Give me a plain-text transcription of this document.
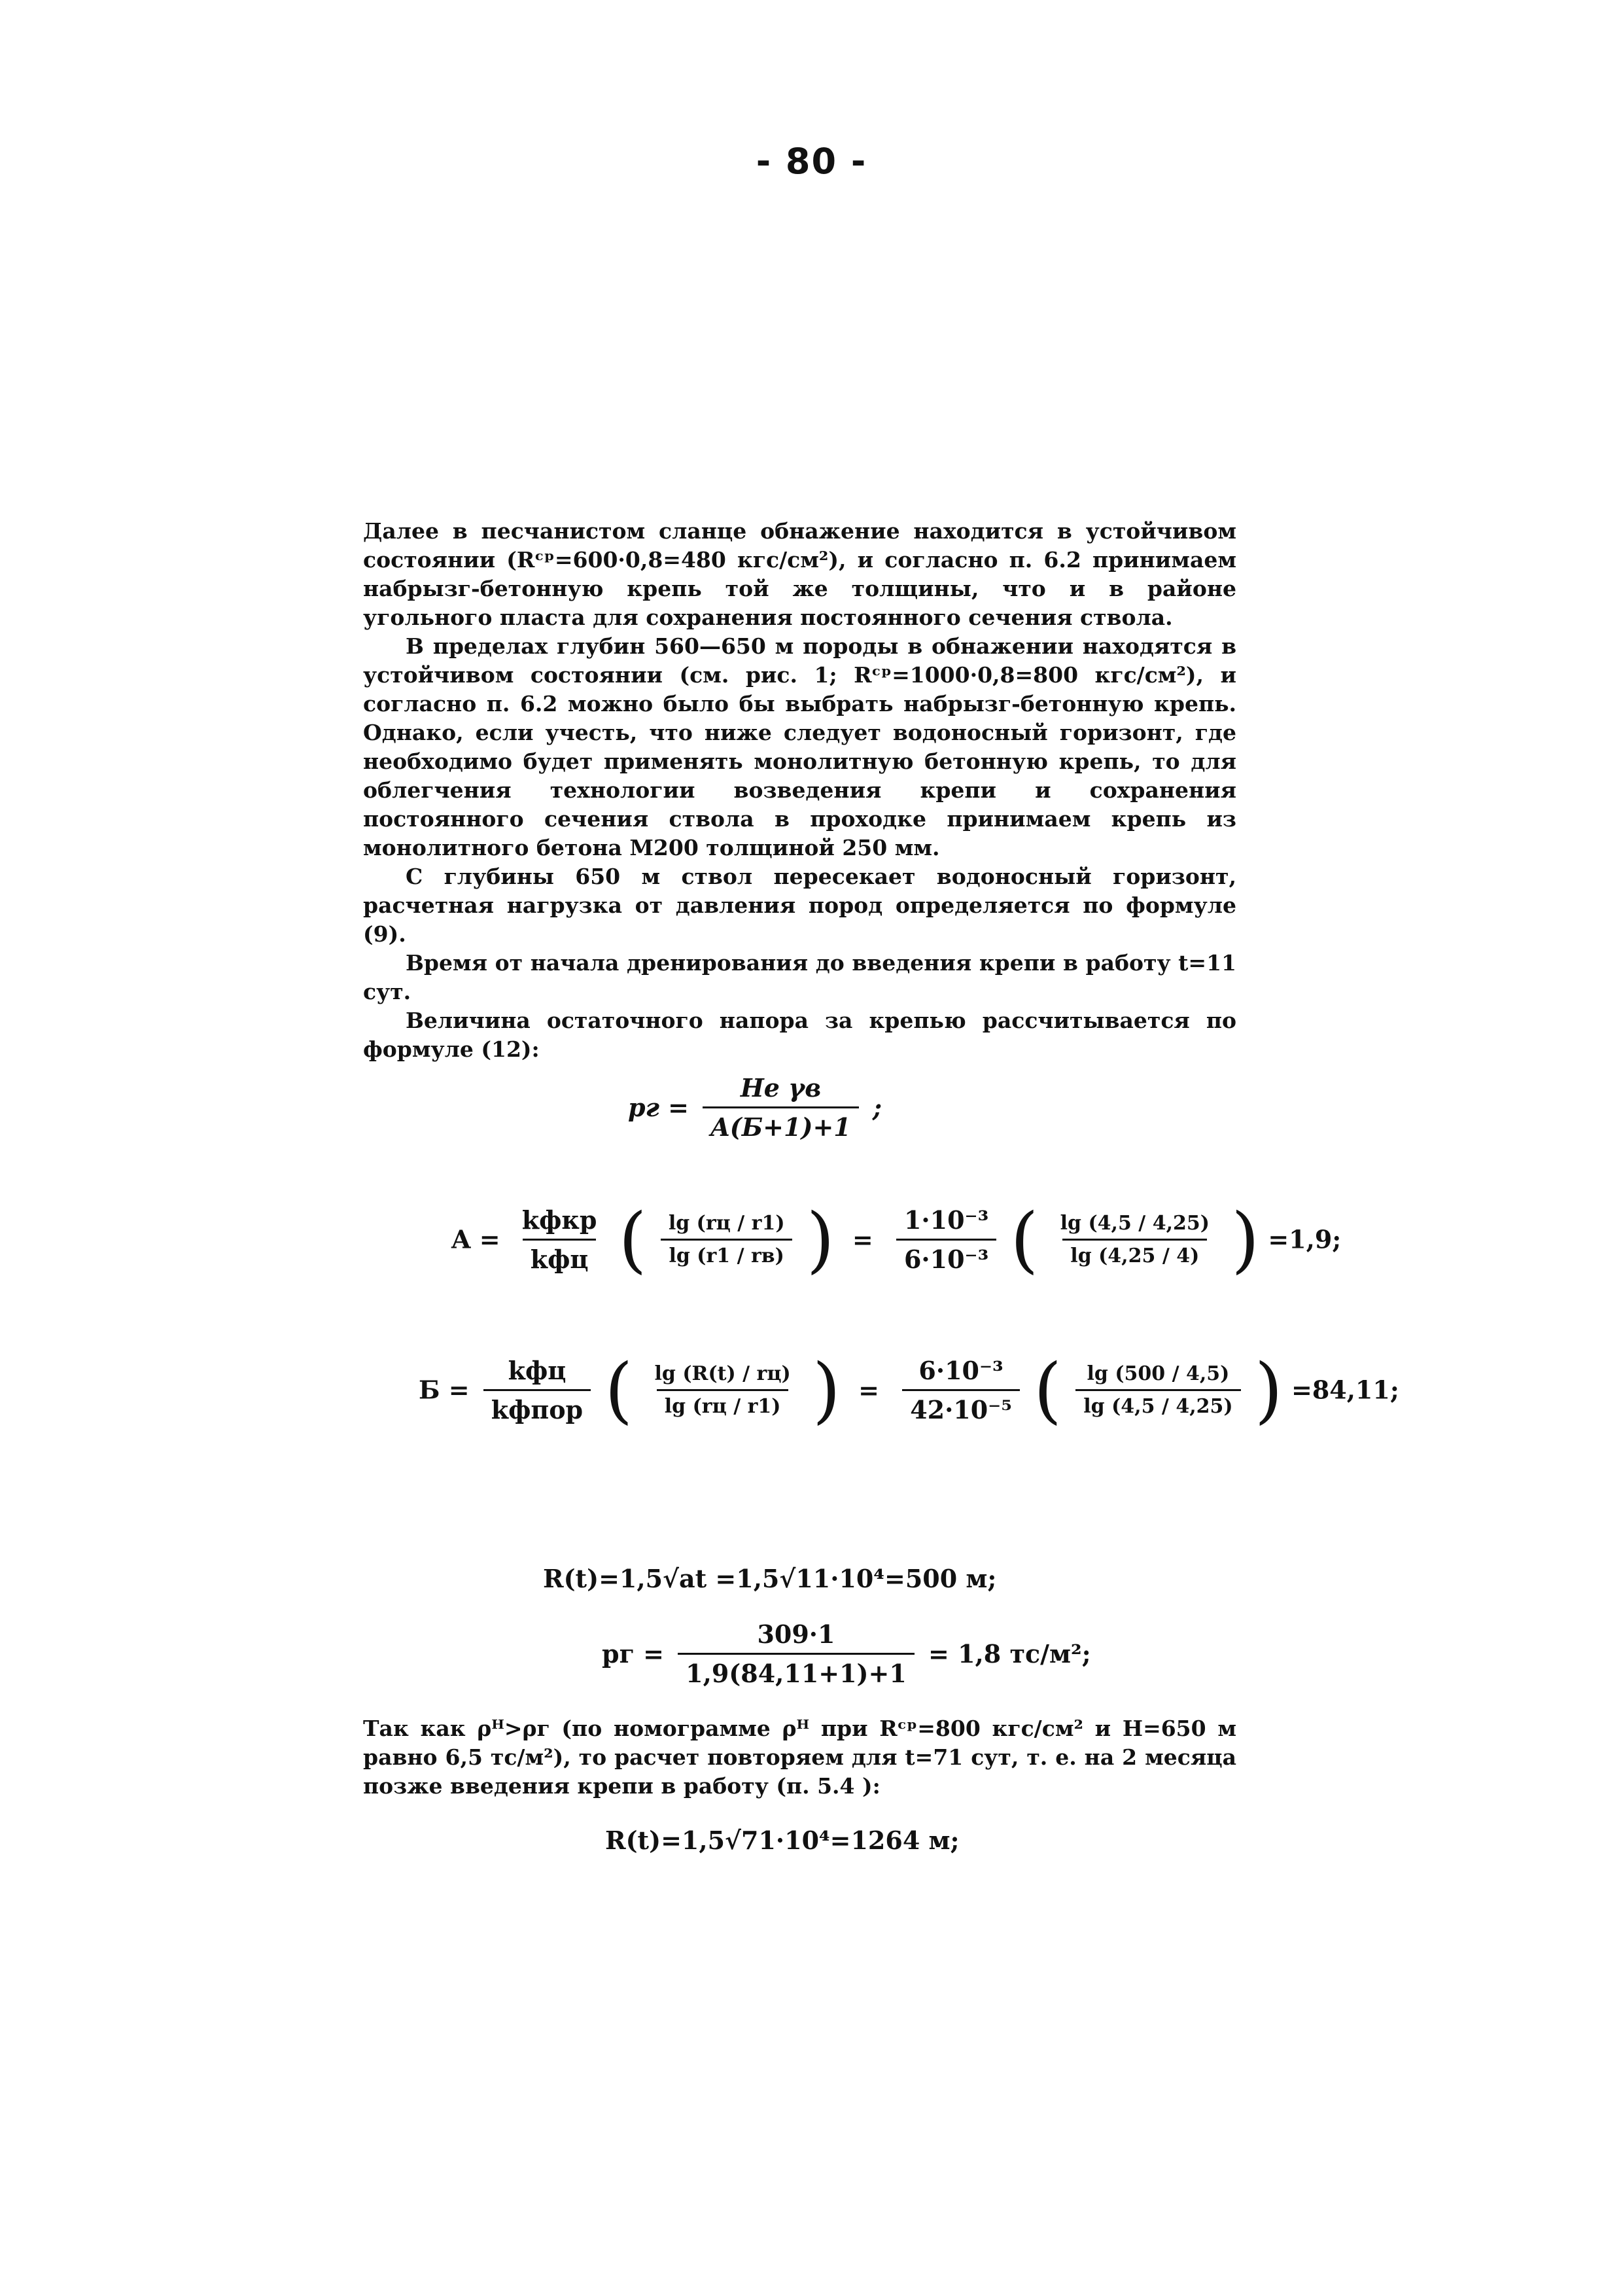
- 80 -

Далее в песчанистом сланце обнажение находится в устойчивом состоянии (Rᶜᵖ=600·0,8=480 кгс/см²), и согласно п. 6.2 принимаем набрызг-бетонную крепь той же толщины, что и в районе угольного пласта для сохранения постоянного сечения ствола.

В пределах глубин 560—650 м породы в обнажении находятся в устойчивом состоянии (см. рис. 1; Rᶜᵖ=1000·0,8=800 кгс/см²), и согласно п. 6.2 можно было бы выбрать набрызг-бетонную крепь. Однако, если учесть, что ниже следует водоносный горизонт, где необходимо будет применять монолитную бетонную крепь, то для облегчения технологии возведения крепи и сохранения постоянного сечения ствола в проходке принимаем крепь из монолитного бетона М200 толщиной 250 мм.

С глубины 650 м ствол пересекает водоносный горизонт, расчетная нагрузка от давления пород определяется по формуле (9).

Время от начала дренирования до введения крепи в работу t=11 сут.

Величина остаточного напора за крепью рассчитывается по формуле (12):

pг = $\frac{\text{Hе γв}}{A(Б+1)+1}$ ;
$A = \frac{\text{kфкр}}{\text{kфц}}$ ( $\frac{\lg (rц / r1)}{\lg (r1 / rв)}$ ) = $\frac{\text{1·10⁻³}}{\text{6·10⁻³}}$ ( $\frac{\lg (4,5 / 4,25)}{\lg (4,25 / 4)}$ ) =1,9;
$Б = \frac{\text{kфц}}{\text{kфпор}}$ ( $\frac{\lg (R(t) / rц)}{\lg (rц / r1)}$ ) = $\frac{\text{6·10⁻³}}{\text{42·10⁻⁵}}$ ( $\frac{\lg (500 / 4,5)}{\lg (4,5 / 4,25)}$ ) =84,11;
R(t)=1,5√at =1,5√11·10⁴=500 м;
pг = $\frac{309\cdot 1}{1,9(84,11+1)+1} = 1,8$ тс/м²;

Так как ρᴴ>ρг (по номограмме ρᴴ при Rᶜᵖ=800 кгс/см² и H=650 м равно 6,5 тс/м²), то расчет повторяем для t=71 сут, т. е. на 2 месяца позже введения крепи в работу (п. 5.4 ):

R(t)=1,5√71·10⁴=1264 м;
